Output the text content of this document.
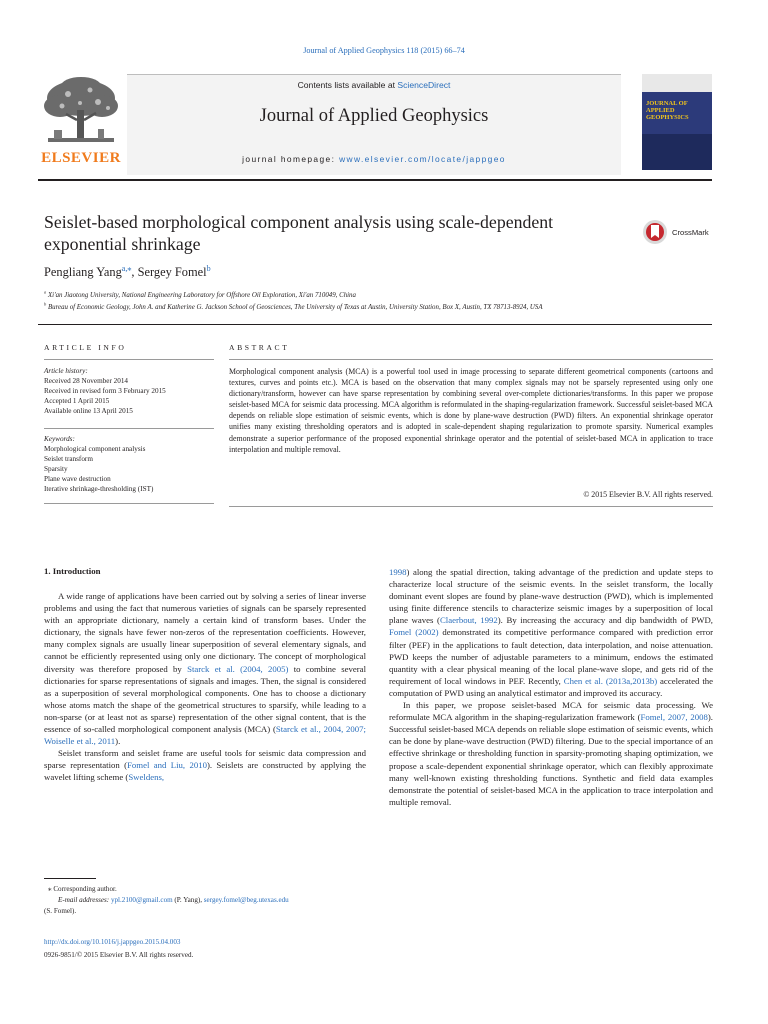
Journal of Applied Geophysics 118 (2015) 66–74
ELSEVIER
Contents lists available at ScienceDirect
Journal of Applied Geophysics
journal homepage: www.elsevier.com/locate/jappgeo
JOURNAL OF APPLIED GEOPHYSICS
Seislet-based morphological component analysis using scale-dependent exponential shrinkage
CrossMark
Pengliang Yang$^{a,⁎}$, Sergey Fomel$^b$
$^a$ Xi'an Jiaotong University, National Engineering Laboratory for Offshore Oil Exploration, Xi'an 710049, China
$^b$ Bureau of Economic Geology, John A. and Katherine G. Jackson School of Geosciences, The University of Texas at Austin, University Station, Box X, Austin, TX 78713-8924, USA
ARTICLE INFO	ABSTRACT
Article history:
Received 28 November 2014
Received in revised form 3 February 2015
Accepted 1 April 2015
Available online 13 April 2015
Keywords:
Morphological component analysis
Seislet transform
Sparsity
Plane wave destruction
Iterative shrinkage-thresholding (IST)
Morphological component analysis (MCA) is a powerful tool used in image processing to separate different geometrical components (cartoons and textures, curves and points etc.). MCA is based on the observation that many complex signals may not be sparsely represented using only one dictionary/transform, however can have sparse representation by combining several over-complete dictionaries/transforms. In this paper we propose seislet-based MCA for seismic data processing. MCA algorithm is reformulated in the shaping-regularization framework. Successful seislet-based MCA depends on reliable slope estimation of seismic events, which is done by plane-wave destruction (PWD) filters. An exponential shrinkage operator unifies many existing thresholding operators and is adopted in scale-dependent shaping regularization to promote sparsity. Numerical examples demonstrate a superior performance of the proposed exponential shrinkage operator and the potential of seislet-based MCA in application to trace interpolation and multiple removal.
© 2015 Elsevier B.V. All rights reserved.
1. Introduction

A wide range of applications have been carried out by solving a series of linear inverse problems and using the fact that numerous varieties of signals can be sparsely represented with an appropriate dictionary, namely a certain kind of transform bases. Under the dictionary, the signals have fewer non-zeros of the representation coefficients. However, many complex signals are usually linear superposition of several elementary signals, and cannot be efficiently represented using only one dictionary. The concept of morphological diversity was therefore proposed by Starck et al. (2004, 2005) to combine several dictionaries for sparse representations of signals and images. Then, the signal is considered as a superposition of several morphological components. One has to choose a dictionary whose atoms match the shape of the geometrical structures to sparsify, while leading to a non-sparse (or at least not as sparse) representation of the other signal content, that is the essence of so-called morphological component analysis (MCA) (Starck et al., 2004, 2007; Woiselle et al., 2011).

Seislet transform and seislet frame are useful tools for seismic data compression and sparse representation (Fomel and Liu, 2010). Seislets are constructed by applying the wavelet lifting scheme (Sweldens,

1998) along the spatial direction, taking advantage of the prediction and update steps to characterize local structure of the seismic events. In the seislet transform, the locally dominant event slopes are found by plane-wave destruction (PWD), which is implemented using finite difference stencils to characterize seismic images by a superposition of local plane waves (Claerbout, 1992). By increasing the accuracy and dip bandwidth of PWD, Fomel (2002) demonstrated its competitive performance compared with prediction error filter (PEF) in the applications to fault detection, data interpolation, and noise attenuation. PWD keeps the number of adjustable parameters to a minimum, endows the estimated quantity with a clear physical meaning of the local plane-wave slope, and gets rid of the requirement of local windows in PEF. Recently, Chen et al. (2013a,2013b) accelerated the computation of PWD using an analytical estimator and improved its accuracy.

In this paper, we propose seislet-based MCA for seismic data processing. We reformulate MCA algorithm in the shaping-regularization framework (Fomel, 2007, 2008). Successful seislet-based MCA depends on reliable slope estimation of seismic events, which can be done by plane-wave destruction (PWD) filtering. Due to the special importance of an effective shrinkage or thresholding function in sparsity-promoting shaping optimization, we propose a scale-dependent exponential shrinkage operator, which can flexibly approximate many well-known existing thresholding functions. Synthetic and field data examples demonstrate the potential of seislet-based MCA in the application to trace interpolation and multiple removal.

⁎ Corresponding author.
E-mail addresses: ypl.2100@gmail.com (P. Yang), sergey.fomel@beg.utexas.edu
(S. Fomel).
http://dx.doi.org/10.1016/j.jappgeo.2015.04.003
0926-9851/© 2015 Elsevier B.V. All rights reserved.
